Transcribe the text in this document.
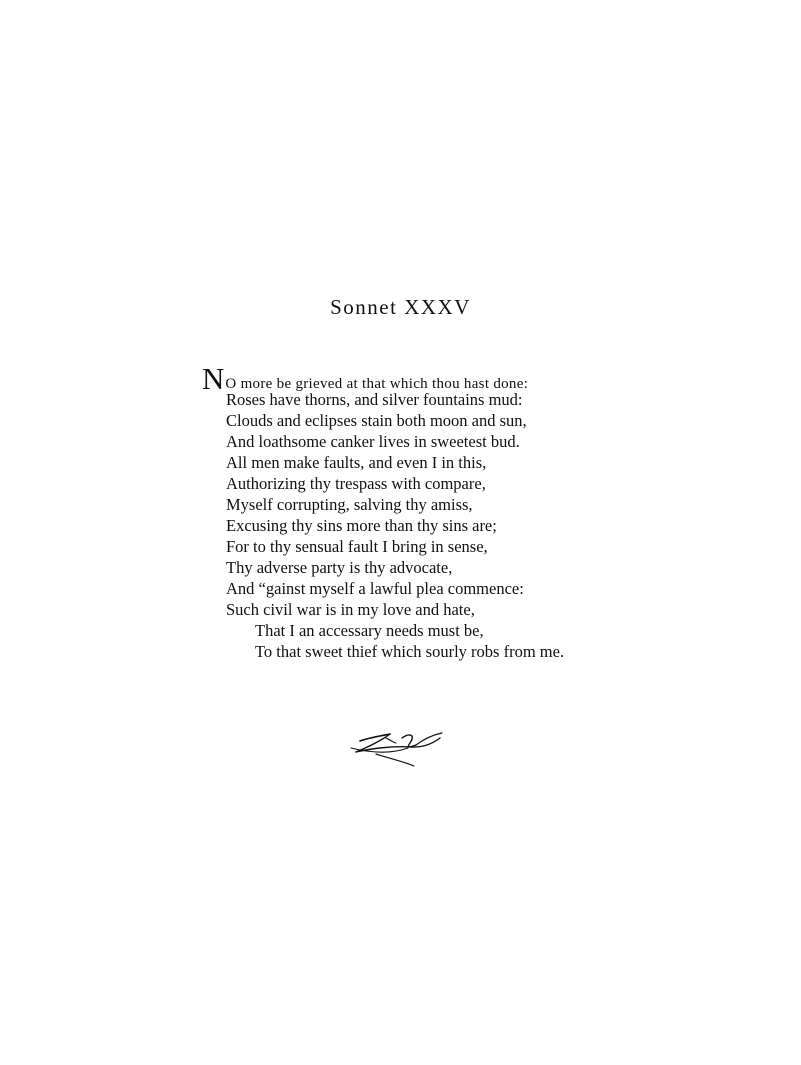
Sonnet XXXV
NO more be grieved at that which thou hast done:
Roses have thorns, and silver fountains mud:
Clouds and eclipses stain both moon and sun,
And loathsome canker lives in sweetest bud.
All men make faults, and even I in this,
Authorizing thy trespass with compare,
Myself corrupting, salving thy amiss,
Excusing thy sins more than thy sins are;
For to thy sensual fault I bring in sense,
Thy adverse party is thy advocate,
And “gainst myself a lawful plea commence:
Such civil war is in my love and hate,
That I an accessary needs must be,
To that sweet thief which sourly robs from me.
